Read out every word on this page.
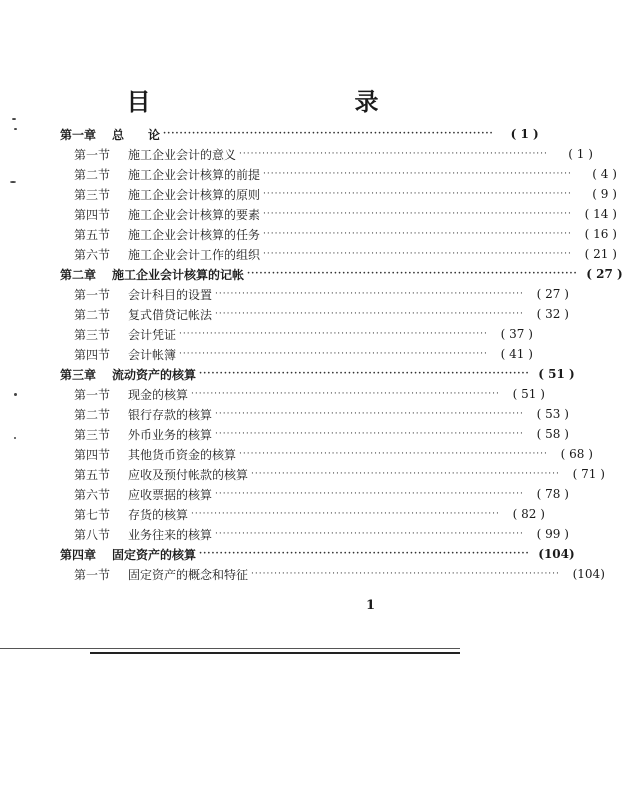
目　　录
第一章	总　　论 ················································································	( 1 )
第一节	施工企业会计的意义 ················································································	( 1 )
第二节	施工企业会计核算的前提 ················································································	( 4 )
第三节	施工企业会计核算的原则 ················································································	( 9 )
第四节	施工企业会计核算的要素 ················································································	( 14 )
第五节	施工企业会计核算的任务 ················································································	( 16 )
第六节	施工企业会计工作的组织 ················································································	( 21 )
第二章	施工企业会计核算的记帐 ················································································ ( 27 )
第一节	会计科目的设置 ················································································	( 27 )
第二节	复式借贷记帐法 ················································································	( 32 )
第三节	会计凭证 ················································································	( 37 )
第四节	会计帐簿 ················································································	( 41 )
第三章	流动资产的核算 ················································································ ( 51 )
第一节	现金的核算 ················································································	( 51 )
第二节	银行存款的核算 ················································································	( 53 )
第三节	外币业务的核算 ················································································	( 58 )
第四节	其他货币资金的核算 ················································································	( 68 )
第五节	应收及预付帐款的核算 ················································································	( 71 )
第六节	应收票据的核算 ················································································	( 78 )
第七节	存货的核算 ················································································	( 82 )
第八节	业务往来的核算 ················································································	( 99 )
第四章	固定资产的核算 ················································································ (104)
第一节	固定资产的概念和特征 ················································································	(104)
1
